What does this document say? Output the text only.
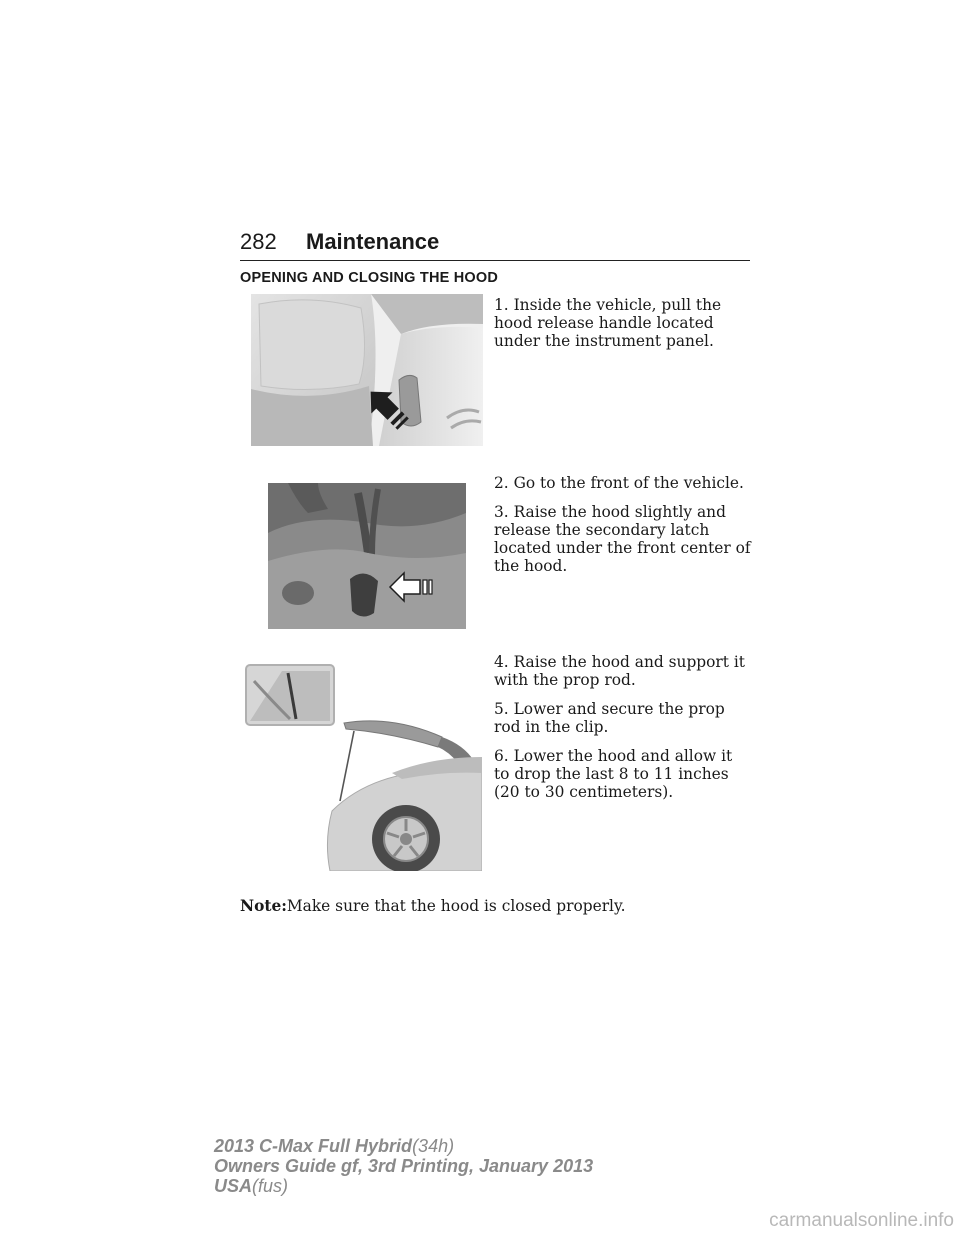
282 Maintenance
OPENING AND CLOSING THE HOOD
1. Inside the vehicle, pull the hood release handle located under the instrument panel.
2. Go to the front of the vehicle.
3. Raise the hood slightly and release the secondary latch located under the front center of the hood.
4. Raise the hood and support it with the prop rod.
5. Lower and secure the prop rod in the clip.
6. Lower the hood and allow it to drop the last 8 to 11 inches (20 to 30 centimeters).
Note:Make sure that the hood is closed properly.
2013 C-Max Full Hybrid(34h)
Owners Guide gf, 3rd Printing, January 2013
USA(fus)
carmanualsonline.info
